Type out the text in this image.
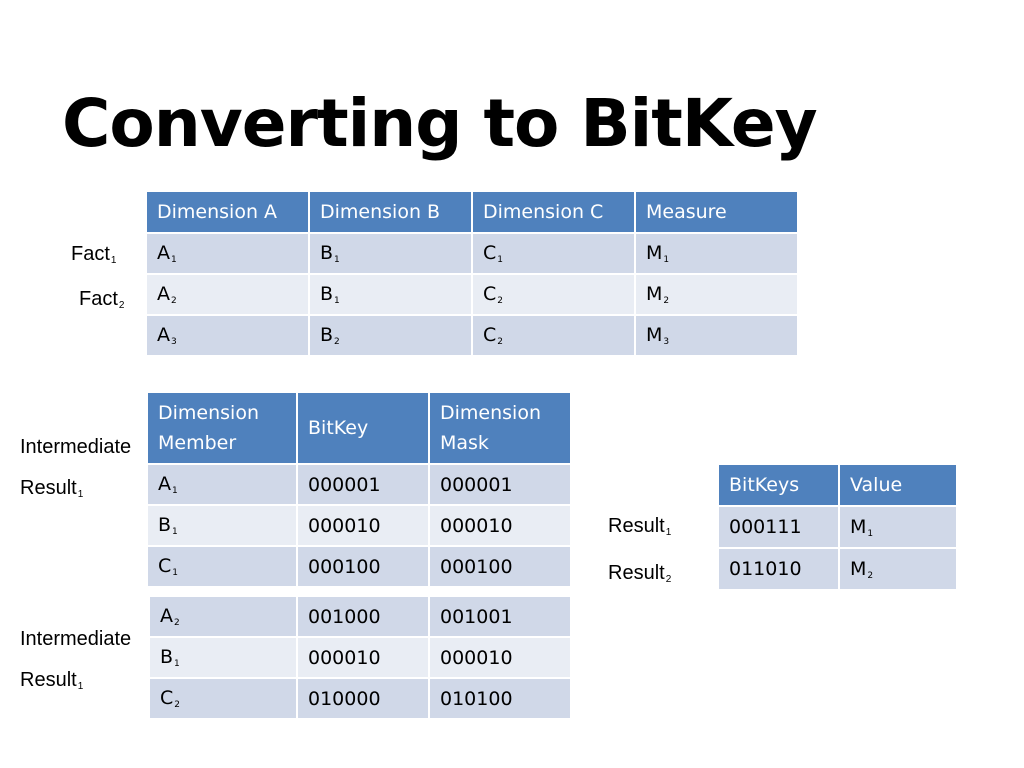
Converting to BitKey
Dimension A	Dimension B	Dimension C	Measure
$A_1$	$B_1$	$C_1$	$M_1$
$A_2$	$B_1$	$C_2$	$M_2$
$A_3$	$B_2$	$C_2$	$M_3$
Fact$_1$
Fact$_2$
Dimension Member	BitKey	Dimension Mask
$A_1$	000001	000001
$B_1$	000010	000010
$C_1$	000100	000100
Intermediate
Result$_1$
$A_2$	001000	001001
$B_1$	000010	000010
$C_2$	010000	010100
Intermediate
Result$_1$
BitKeys	Value
000111	$M_1$
011010	$M_2$
Result$_1$
Result$_2$
